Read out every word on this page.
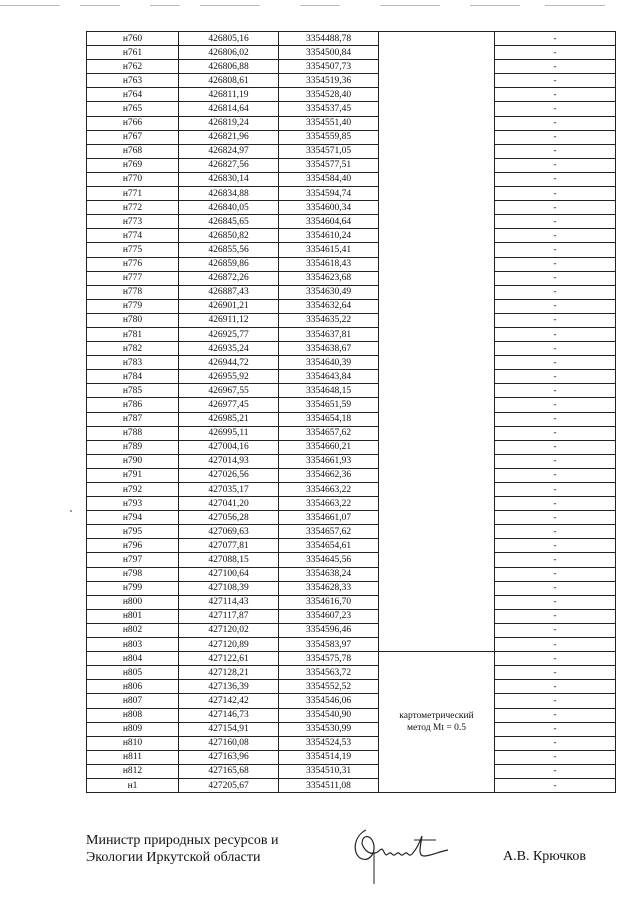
н760	426805,16	3354488,78		-
н761	426806,02	3354500,84		-
н762	426806,88	3354507,73		-
н763	426808,61	3354519,36		-
н764	426811,19	3354528,40		-
н765	426814,64	3354537,45		-
н766	426819,24	3354551,40		-
н767	426821,96	3354559,85		-
н768	426824,97	3354571,05		-
н769	426827,56	3354577,51		-
н770	426830,14	3354584,40		-
н771	426834,88	3354594,74		-
н772	426840,05	3354600,34		-
н773	426845,65	3354604,64		-
н774	426850,82	3354610,24		-
н775	426855,56	3354615,41		-
н776	426859,86	3354618,43		-
н777	426872,26	3354623,68		-
н778	426887,43	3354630,49		-
н779	426901,21	3354632,64		-
н780	426911,12	3354635,22		-
н781	426925,77	3354637,81		-
н782	426935,24	3354638,67		-
н783	426944,72	3354640,39		-
н784	426955,92	3354643,84		-
н785	426967,55	3354648,15		-
н786	426977,45	3354651,59		-
н787	426985,21	3354654,18		-
н788	426995,11	3354657,62		-
н789	427004,16	3354660,21		-
н790	427014,93	3354661,93		-
н791	427026,56	3354662,36		-
н792	427035,17	3354663,22		-
н793	427041,20	3354663,22		-
н794	427056,28	3354661,07		-
н795	427069,63	3354657,62		-
н796	427077,81	3354654,61		-
н797	427088,15	3354645,56		-
н798	427100,64	3354638,24		-
н799	427108,39	3354628,33		-
н800	427114,43	3354616,70		-
н801	427117,87	3354607,23		-
н802	427120,02	3354596,46		-
н803	427120,89	3354583,97		-
н804	427122,61	3354575,78	картометрический
метод Mt = 0.5	-
н805	427128,21	3354563,72		-
н806	427136,39	3354552,52		-
н807	427142,42	3354546,06		-
н808	427146,73	3354540,90		-
н809	427154,91	3354530,99		-
н810	427160,08	3354524,53		-
н811	427163,96	3354514,19		-
н812	427165,68	3354510,31		-
н1	427205,67	3354511,08		-
Министр природных ресурсов и
Экологии Иркутской области	А.В. Крючков
